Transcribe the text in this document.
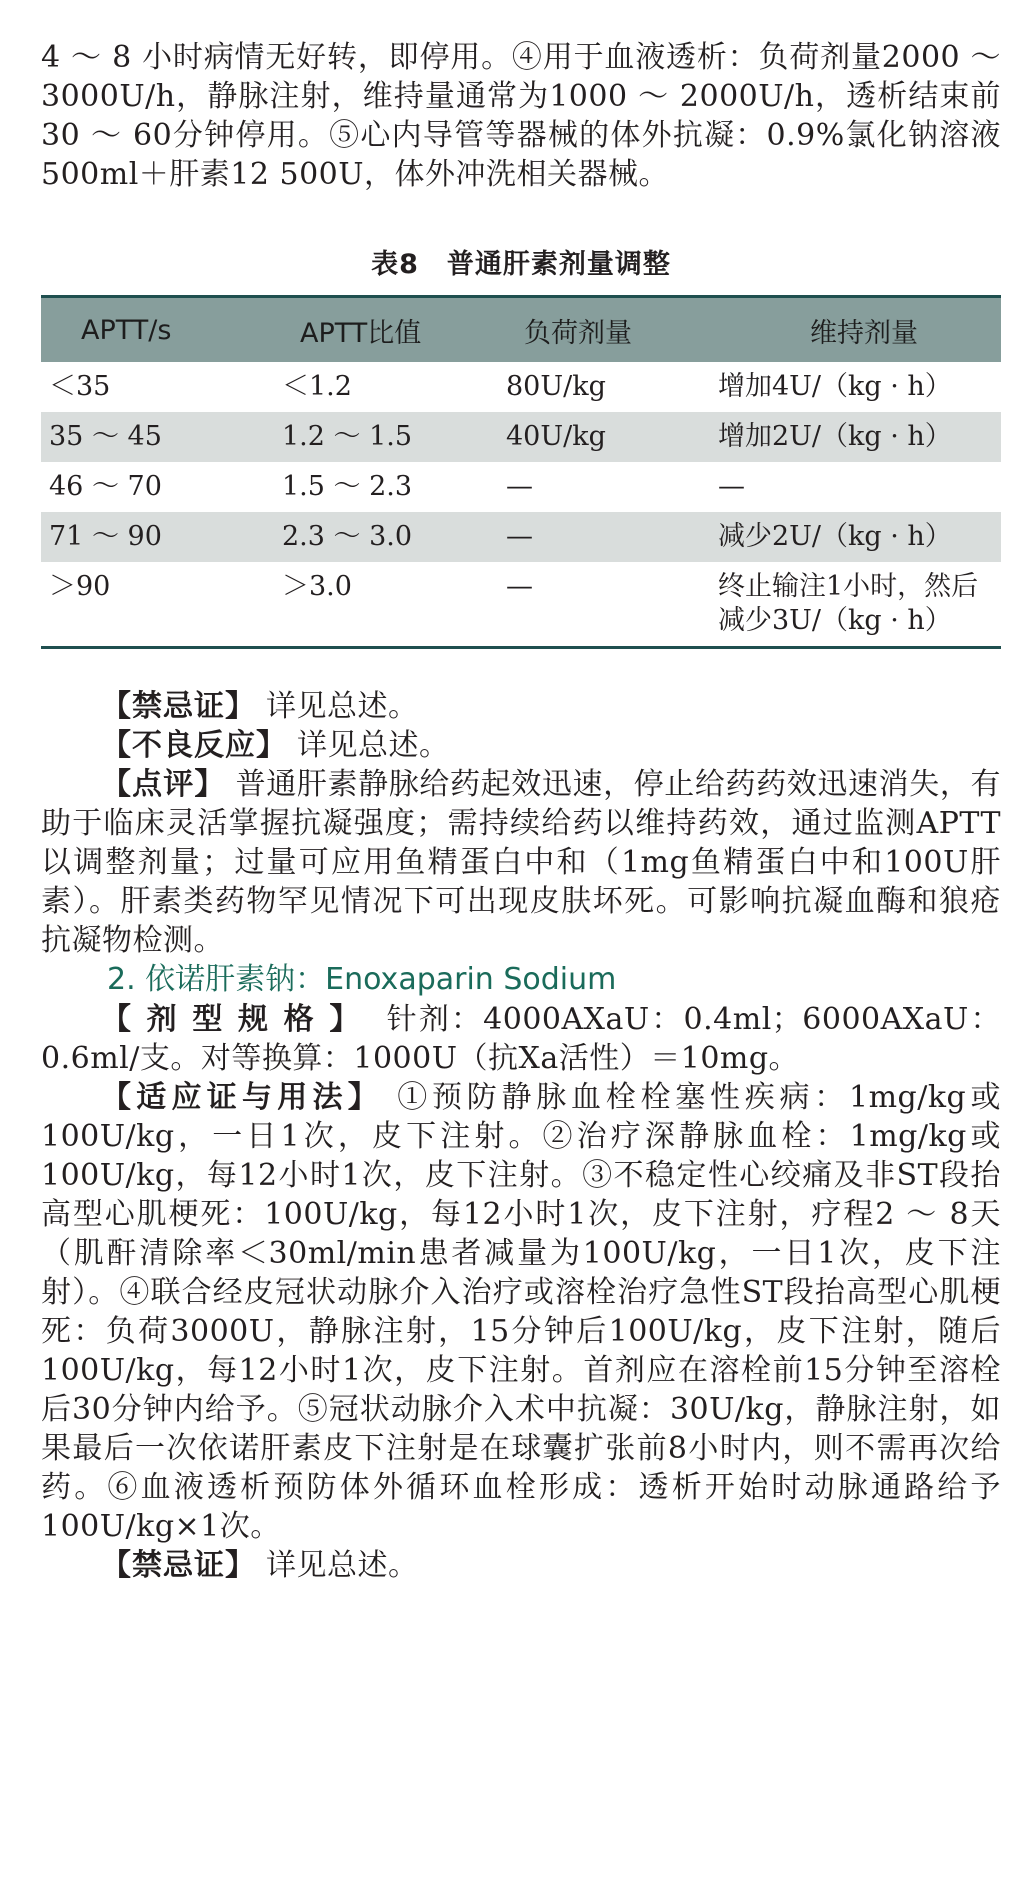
4 ～ 8 小时病情无好转，即停用。④用于血液透析：负荷剂量2000 ～ 3000U/h，静脉注射，维持量通常为1000 ～ 2000U/h，透析结束前30 ～ 60分钟停用。⑤心内导管等器械的体外抗凝：0.9%氯化钠溶液500ml＋肝素12 500U，体外冲洗相关器械。

表8　普通肝素剂量调整
APTT/s	APTT比值	负荷剂量	维持剂量
＜35	＜1.2	80U/kg	增加4U/（kg · h）
35 ～ 45	1.2 ～ 1.5	40U/kg	增加2U/（kg · h）
46 ～ 70	1.5 ～ 2.3	—	—
71 ～ 90	2.3 ～ 3.0	—	减少2U/（kg · h）
＞90	＞3.0	—	终止输注1小时，然后减少3U/（kg · h）

【禁忌证】 详见总述。

【不良反应】 详见总述。

【点评】 普通肝素静脉给药起效迅速，停止给药药效迅速消失，有助于临床灵活掌握抗凝强度；需持续给药以维持药效，通过监测APTT以调整剂量；过量可应用鱼精蛋白中和（1mg鱼精蛋白中和100U肝素）。肝素类药物罕见情况下可出现皮肤坏死。可影响抗凝血酶和狼疮抗凝物检测。

2. 依诺肝素钠：Enoxaparin Sodium

【剂型规格】 针剂：4000AXaU：0.4ml；6000AXaU：0.6ml/支。对等换算：1000U（抗Ⅹa活性）＝10mg。

【适应证与用法】 ①预防静脉血栓栓塞性疾病：1mg/kg或100U/kg，一日1次，皮下注射。②治疗深静脉血栓：1mg/kg或100U/kg，每12小时1次，皮下注射。③不稳定性心绞痛及非ST段抬高型心肌梗死：100U/kg，每12小时1次，皮下注射，疗程2 ～ 8天（肌酐清除率＜30ml/min患者减量为100U/kg，一日1次，皮下注射）。④联合经皮冠状动脉介入治疗或溶栓治疗急性ST段抬高型心肌梗死：负荷3000U，静脉注射，15分钟后100U/kg，皮下注射，随后100U/kg，每12小时1次，皮下注射。首剂应在溶栓前15分钟至溶栓后30分钟内给予。⑤冠状动脉介入术中抗凝：30U/kg，静脉注射，如果最后一次依诺肝素皮下注射是在球囊扩张前8小时内，则不需再次给药。⑥血液透析预防体外循环血栓形成：透析开始时动脉通路给予100U/kg×1次。

【禁忌证】 详见总述。
